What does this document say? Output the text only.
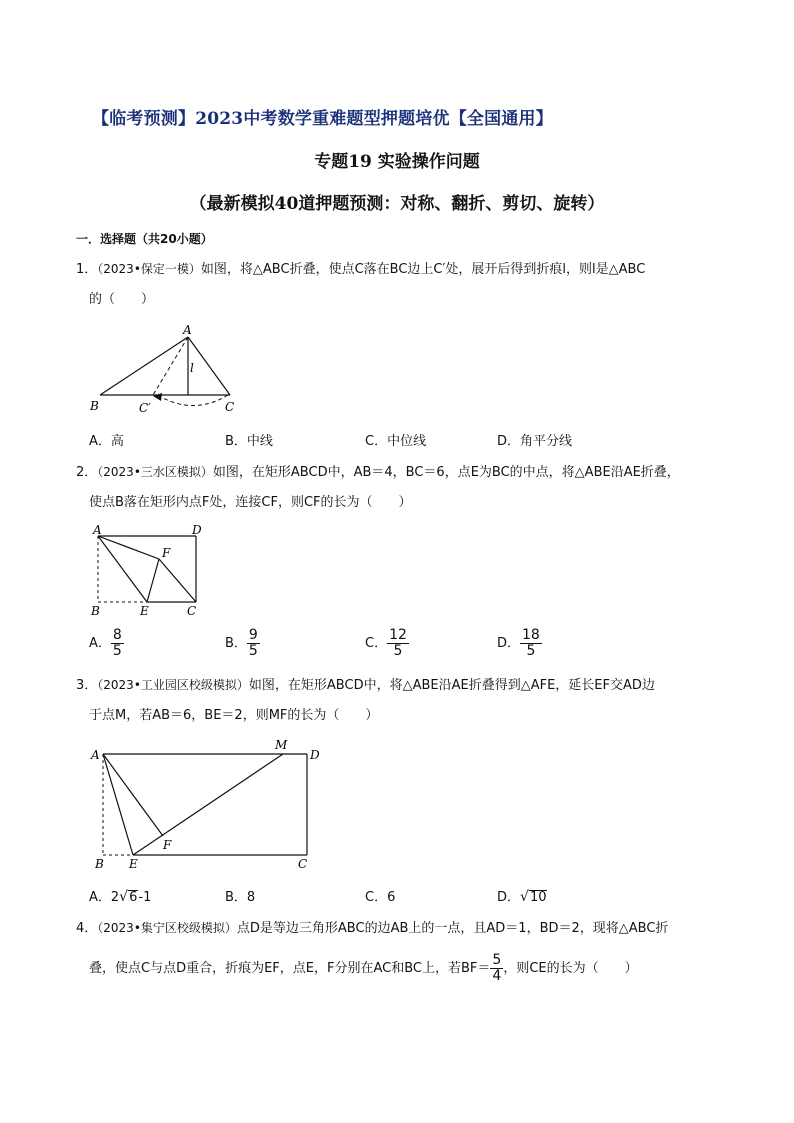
【临考预测】2023中考数学重难题型押题培优【全国通用】
专题19 实验操作问题
（最新模拟40道押题预测：对称、翻折、剪切、旋转）
一．选择题（共20小题）
1．（2023•保定一模）如图，将△ABC折叠，使点C落在BC边上C′处，展开后得到折痕l，则l是△ABC
的（　　）
A
B	C
C′
l
A．高	B．中线	C．中位线	D．角平分线
2．（2023•三水区模拟）如图，在矩形ABCD中，AB＝4，BC＝6，点E为BC的中点，将△ABE沿AE折叠，
使点B落在矩形内点F处，连接CF，则CF的长为（　　）
A	D
B	E	C
F
A． $\frac{8}{5}$	B． $\frac{9}{5}$	C． $\frac{12}{5}$	D． $\frac{18}{5}$
3．（2023•工业园区校级模拟）如图，在矩形ABCD中，将△ABE沿AE折叠得到△AFE，延长EF交AD边
于点M，若AB＝6，BE＝2，则MF的长为（　　）
A
M
D
B E	C
F
A．2√6-1	B．8	C．6	D．√10
4．（2023•集宁区校级模拟）点D是等边三角形ABC的边AB上的一点，且AD＝1，BD＝2，现将△ABC折
叠，使点C与点D重合，折痕为EF，点E，F分别在AC和BC上，若$BF= \frac{5}{4}$ ，则CE的长为（　　）
